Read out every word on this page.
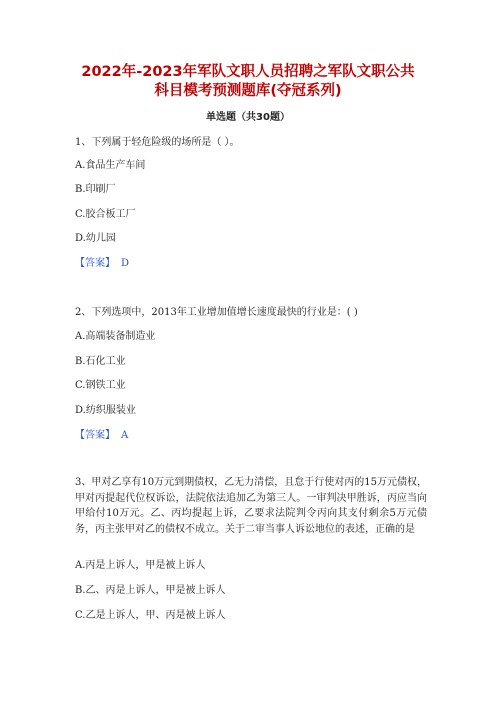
2022年-2023年军队文职人员招聘之军队文职公共
科目模考预测题库(夺冠系列)
单选题（共30题）
1、下列属于轻危险级的场所是（ ）。
A.食品生产车间
B.印刷厂
C.胶合板工厂
D.幼儿园
【答案】 D
2、下列选项中，2013年工业增加值增长速度最快的行业是：( )
A.高端装备制造业
B.石化工业
C.钢铁工业
D.纺织服装业
【答案】 A
3、甲对乙享有10万元到期债权，乙无力清偿，且怠于行使对丙的15万元债权，甲对丙提起代位权诉讼，法院依法追加乙为第三人。一审判决甲胜诉，丙应当向甲给付10万元。乙、丙均提起上诉，乙要求法院判令丙向其支付剩余5万元债务，丙主张甲对乙的债权不成立。关于二审当事人诉讼地位的表述，正确的是
A.丙是上诉人，甲是被上诉人
B.乙、丙是上诉人，甲是被上诉人
C.乙是上诉人，甲、丙是被上诉人
